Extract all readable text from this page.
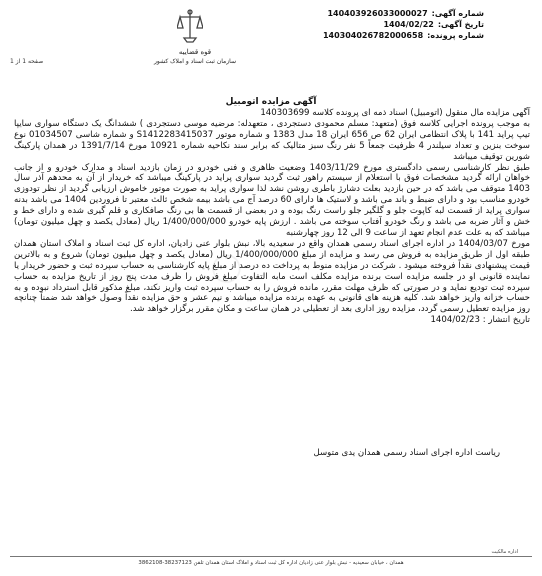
قوه قضاییه
سازمان ثبت اسناد و املاک کشور
شماره آگهی:
140403926033000027
تاریخ آگهی:
1404/02/22
شماره پرونده:
140304026782000658
صفحه 1 از 1
آگهی مزایده اتومبیل
◯

آگهی مزایده مال منقول (اتومبیل) اسناد ذمه ای پرونده کلاسه 140303699

به موجب پرونده اجرایی کلاسه فوق (متعهد: مسلم محمودی دستجردی ، متعهدله: مرضیه موسی دستجردی ) ششدانگ یک دستگاه سواری سایپا تیپ پراید 141 با پلاک انتظامی ایران 62 ص 656 ایران 18 مدل 1383 و شماره موتور S1412283415037 و شماره شاسی 01034507 نوع سوخت بنزین و تعداد سیلندر 4 ظرفیت جمعاً 5 نفر رنگ سبز متالیک که برابر سند نکاحیه شماره 10921 مورخ 1391/7/14 در همدان پارکینگ شورین توقیف میباشد

طبق نظر کارشناسی رسمی دادگستری مورخ 1403/11/29 وضعیت ظاهری و فنی خودرو در زمان بازدید اسناد و مدارک خودرو و از جانب خواهان ارائه گردید مشخصات فوق با استعلام از سیستم راهور ثبت گردید سواری پراید در پارکینگ میباشد که خریدار از آن به محدهم آذر سال 1403 متوقف می باشد که در حین بازدید بعلت دشارژ باطری روشن نشد لذا سواری پراید به صورت موتور خاموش ارزیابی گردید از نظر تودوزی خودرو مناسب بود و دارای ضبط و باند می باشد و لاستیک ها دارای 60 درصد آج می باشد بیمه شخص ثالث معتبر تا فروردین 1404 می باشد بدنه سواری پراید از قسمت لبه کاپوت جلو و گلگیر جلو راست رنگ بوده و در بعضی از قسمت ها بی رنگ صافکاری و قلم گیری شده و دارای خط و خش و آثار ضربه می باشد و رنگ خودرو آفتاب سوخته می باشد . ارزش پایه خودرو 1/400/000/000 ریال (معادل یکصد و چهل میلیون تومان) میباشد که به علت عدم انجام تعهد از ساعت 9 الی 12 روز چهارشنبه

مورخ 1404/03/07 در اداره اجرای اسناد رسمی همدان واقع در سعیدیه بالا، نبش بلوار عنی زادیان، اداره کل ثبت اسناد و املاک استان همدان طبقه اول از طریق مزایده به فروش می رسد و مزایده از مبلغ 1/400/000/000 ریال (معادل یکصد و چهل میلیون تومان) شروع و به بالاترین قیمت پیشنهادی نقداً فروخته میشود . شرکت در مزایده منوط به پرداخت ده درصد از مبلغ پایه کارشناسی به حساب سپرده ثبت و حضور خریدار یا نماینده قانونی او در جلسه مزایده است برنده مزایده مکلف است مابه التفاوت مبلغ فروش را ظرف مدت پنج روز از تاریخ مزایده به حساب سپرده ثبت تودیع نماید و در صورتی که ظرف مهلت مقرر، مانده فروش را به حساب سپرده ثبت واریز نکند، مبلغ مذکور قابل استرداد نبوده و به حساب خزانه واریز خواهد شد. کلیه هزینه های قانونی به عهده برنده مزایده میباشد و نیم عشر و حق مزایده نقداً وصول خواهد شد ضمناً چنانچه روز مزایده تعطیل رسمی گردد، مزایده روز اداری بعد از تعطیلی در همان ساعت و مکان مقرر برگزار خواهد شد.

تاریخ انتشار : 1404/02/23

ریاست اداره اجرای اسناد رسمی همدان یدی متوسل
اداره مالکیت
همدان ، خیابان سعیدیه - نبش بلوار عنی زادیان اداره کل ثبت اسناد و املاک استان همدان تلفن 38237123-3862108
